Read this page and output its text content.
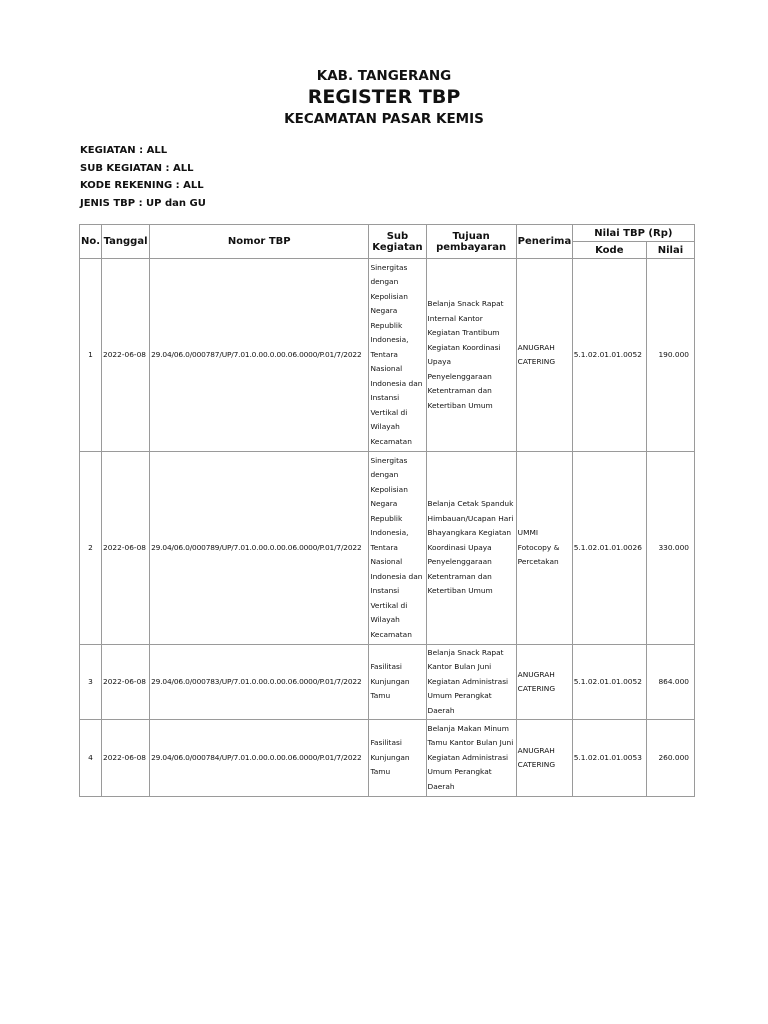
KAB. TANGERANG
REGISTER TBP
KECAMATAN PASAR KEMIS
KEGIATAN : ALL
SUB KEGIATAN : ALL
KODE REKENING : ALL
JENIS TBP : UP dan GU
No.	Tanggal	Nomor TBP	Sub Kegiatan	Tujuan pembayaran	Penerima	Nilai TBP (Rp)	
						Kode	Nilai
1	2022-06-08	29.04/06.0/000787/UP/7.01.0.00.0.00.06.0000/P.01/7/2022	Sinergitas dengan Kepolisian Negara Republik Indonesia, Tentara Nasional Indonesia dan Instansi Vertikal di Wilayah Kecamatan	Belanja Snack Rapat Internal Kantor Kegiatan Trantibum Kegiatan Koordinasi Upaya Penyelenggaraan Ketentraman dan Ketertiban Umum	ANUGRAH CATERING	5.1.02.01.01.0052	190.000
2	2022-06-08	29.04/06.0/000789/UP/7.01.0.00.0.00.06.0000/P.01/7/2022	Sinergitas dengan Kepolisian Negara Republik Indonesia, Tentara Nasional Indonesia dan Instansi Vertikal di Wilayah Kecamatan	Belanja Cetak Spanduk Himbauan/Ucapan Hari Bhayangkara Kegiatan Koordinasi Upaya Penyelenggaraan Ketentraman dan Ketertiban Umum	UMMI Fotocopy & Percetakan	5.1.02.01.01.0026	330.000
3	2022-06-08	29.04/06.0/000783/UP/7.01.0.00.0.00.06.0000/P.01/7/2022	Fasilitasi Kunjungan Tamu	Belanja Snack Rapat Kantor Bulan Juni Kegiatan Administrasi Umum Perangkat Daerah	ANUGRAH CATERING	5.1.02.01.01.0052	864.000
4	2022-06-08	29.04/06.0/000784/UP/7.01.0.00.0.00.06.0000/P.01/7/2022	Fasilitasi Kunjungan Tamu	Belanja Makan Minum Tamu Kantor Bulan Juni Kegiatan Administrasi Umum Perangkat Daerah	ANUGRAH CATERING	5.1.02.01.01.0053	260.000
